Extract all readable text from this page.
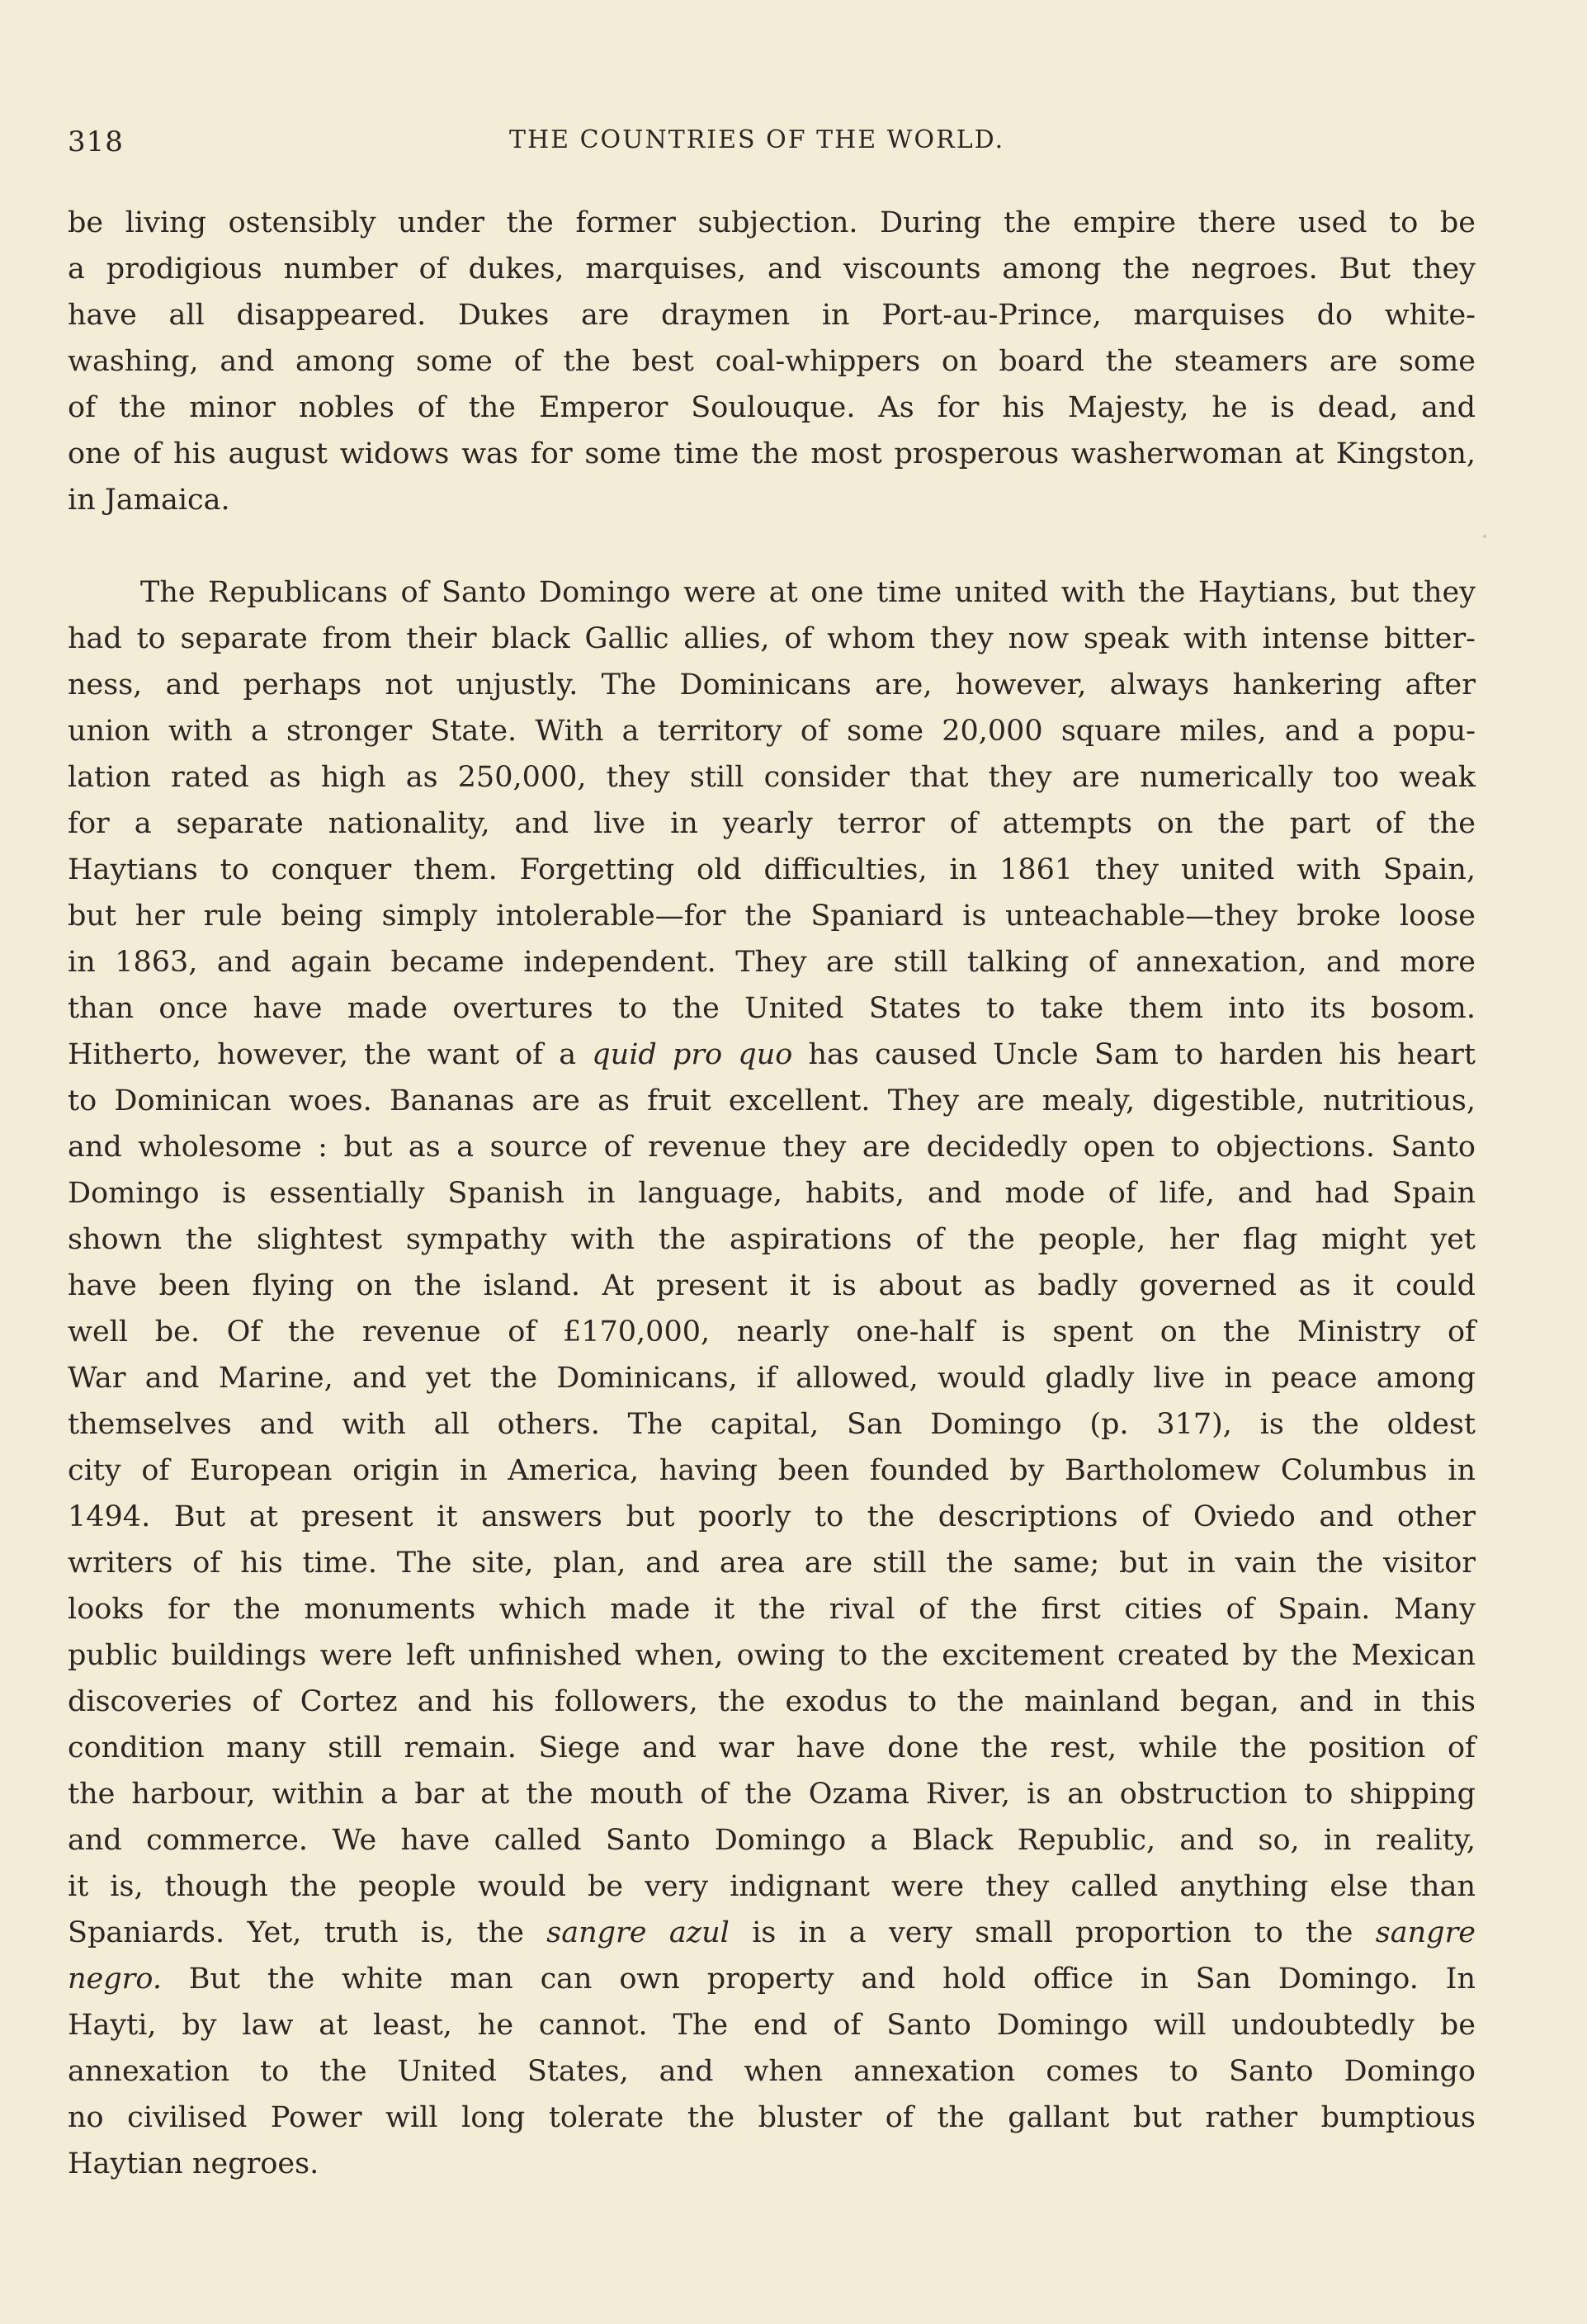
318	THE COUNTRIES OF THE WORLD.
be living ostensibly under the former subjection. During the empire there used to be
a prodigious number of dukes, marquises, and viscounts among the negroes. But they
have all disappeared. Dukes are draymen in Port-au-Prince, marquises do white-
washing, and among some of the best coal-whippers on board the steamers are some
of the minor nobles of the Emperor Soulouque. As for his Majesty, he is dead, and
one of his august widows was for some time the most prosperous washerwoman at Kingston,
in Jamaica.
The Republicans of Santo Domingo were at one time united with the Haytians, but they
had to separate from their black Gallic allies, of whom they now speak with intense bitter-
ness, and perhaps not unjustly. The Dominicans are, however, always hankering after
union with a stronger State. With a territory of some 20,000 square miles, and a popu-
lation rated as high as 250,000, they still consider that they are numerically too weak
for a separate nationality, and live in yearly terror of attempts on the part of the
Haytians to conquer them. Forgetting old difficulties, in 1861 they united with Spain,
but her rule being simply intolerable—for the Spaniard is unteachable—they broke loose
in 1863, and again became independent. They are still talking of annexation, and more
than once have made overtures to the United States to take them into its bosom.
Hitherto, however, the want of a quid pro quo has caused Uncle Sam to harden his heart
to Dominican woes. Bananas are as fruit excellent. They are mealy, digestible, nutritious,
and wholesome : but as a source of revenue they are decidedly open to objections. Santo
Domingo is essentially Spanish in language, habits, and mode of life, and had Spain
shown the slightest sympathy with the aspirations of the people, her flag might yet
have been flying on the island. At present it is about as badly governed as it could
well be. Of the revenue of £170,000, nearly one-half is spent on the Ministry of
War and Marine, and yet the Dominicans, if allowed, would gladly live in peace among
themselves and with all others. The capital, San Domingo (p. 317), is the oldest
city of European origin in America, having been founded by Bartholomew Columbus in
1494. But at present it answers but poorly to the descriptions of Oviedo and other
writers of his time. The site, plan, and area are still the same; but in vain the visitor
looks for the monuments which made it the rival of the first cities of Spain. Many
public buildings were left unfinished when, owing to the excitement created by the Mexican
discoveries of Cortez and his followers, the exodus to the mainland began, and in this
condition many still remain. Siege and war have done the rest, while the position of
the harbour, within a bar at the mouth of the Ozama River, is an obstruction to shipping
and commerce. We have called Santo Domingo a Black Republic, and so, in reality,
it is, though the people would be very indignant were they called anything else than
Spaniards. Yet, truth is, the sangre azul is in a very small proportion to the sangre
negro. But the white man can own property and hold office in San Domingo. In
Hayti, by law at least, he cannot. The end of Santo Domingo will undoubtedly be
annexation to the United States, and when annexation comes to Santo Domingo
no civilised Power will long tolerate the bluster of the gallant but rather bumptious
Haytian negroes.
